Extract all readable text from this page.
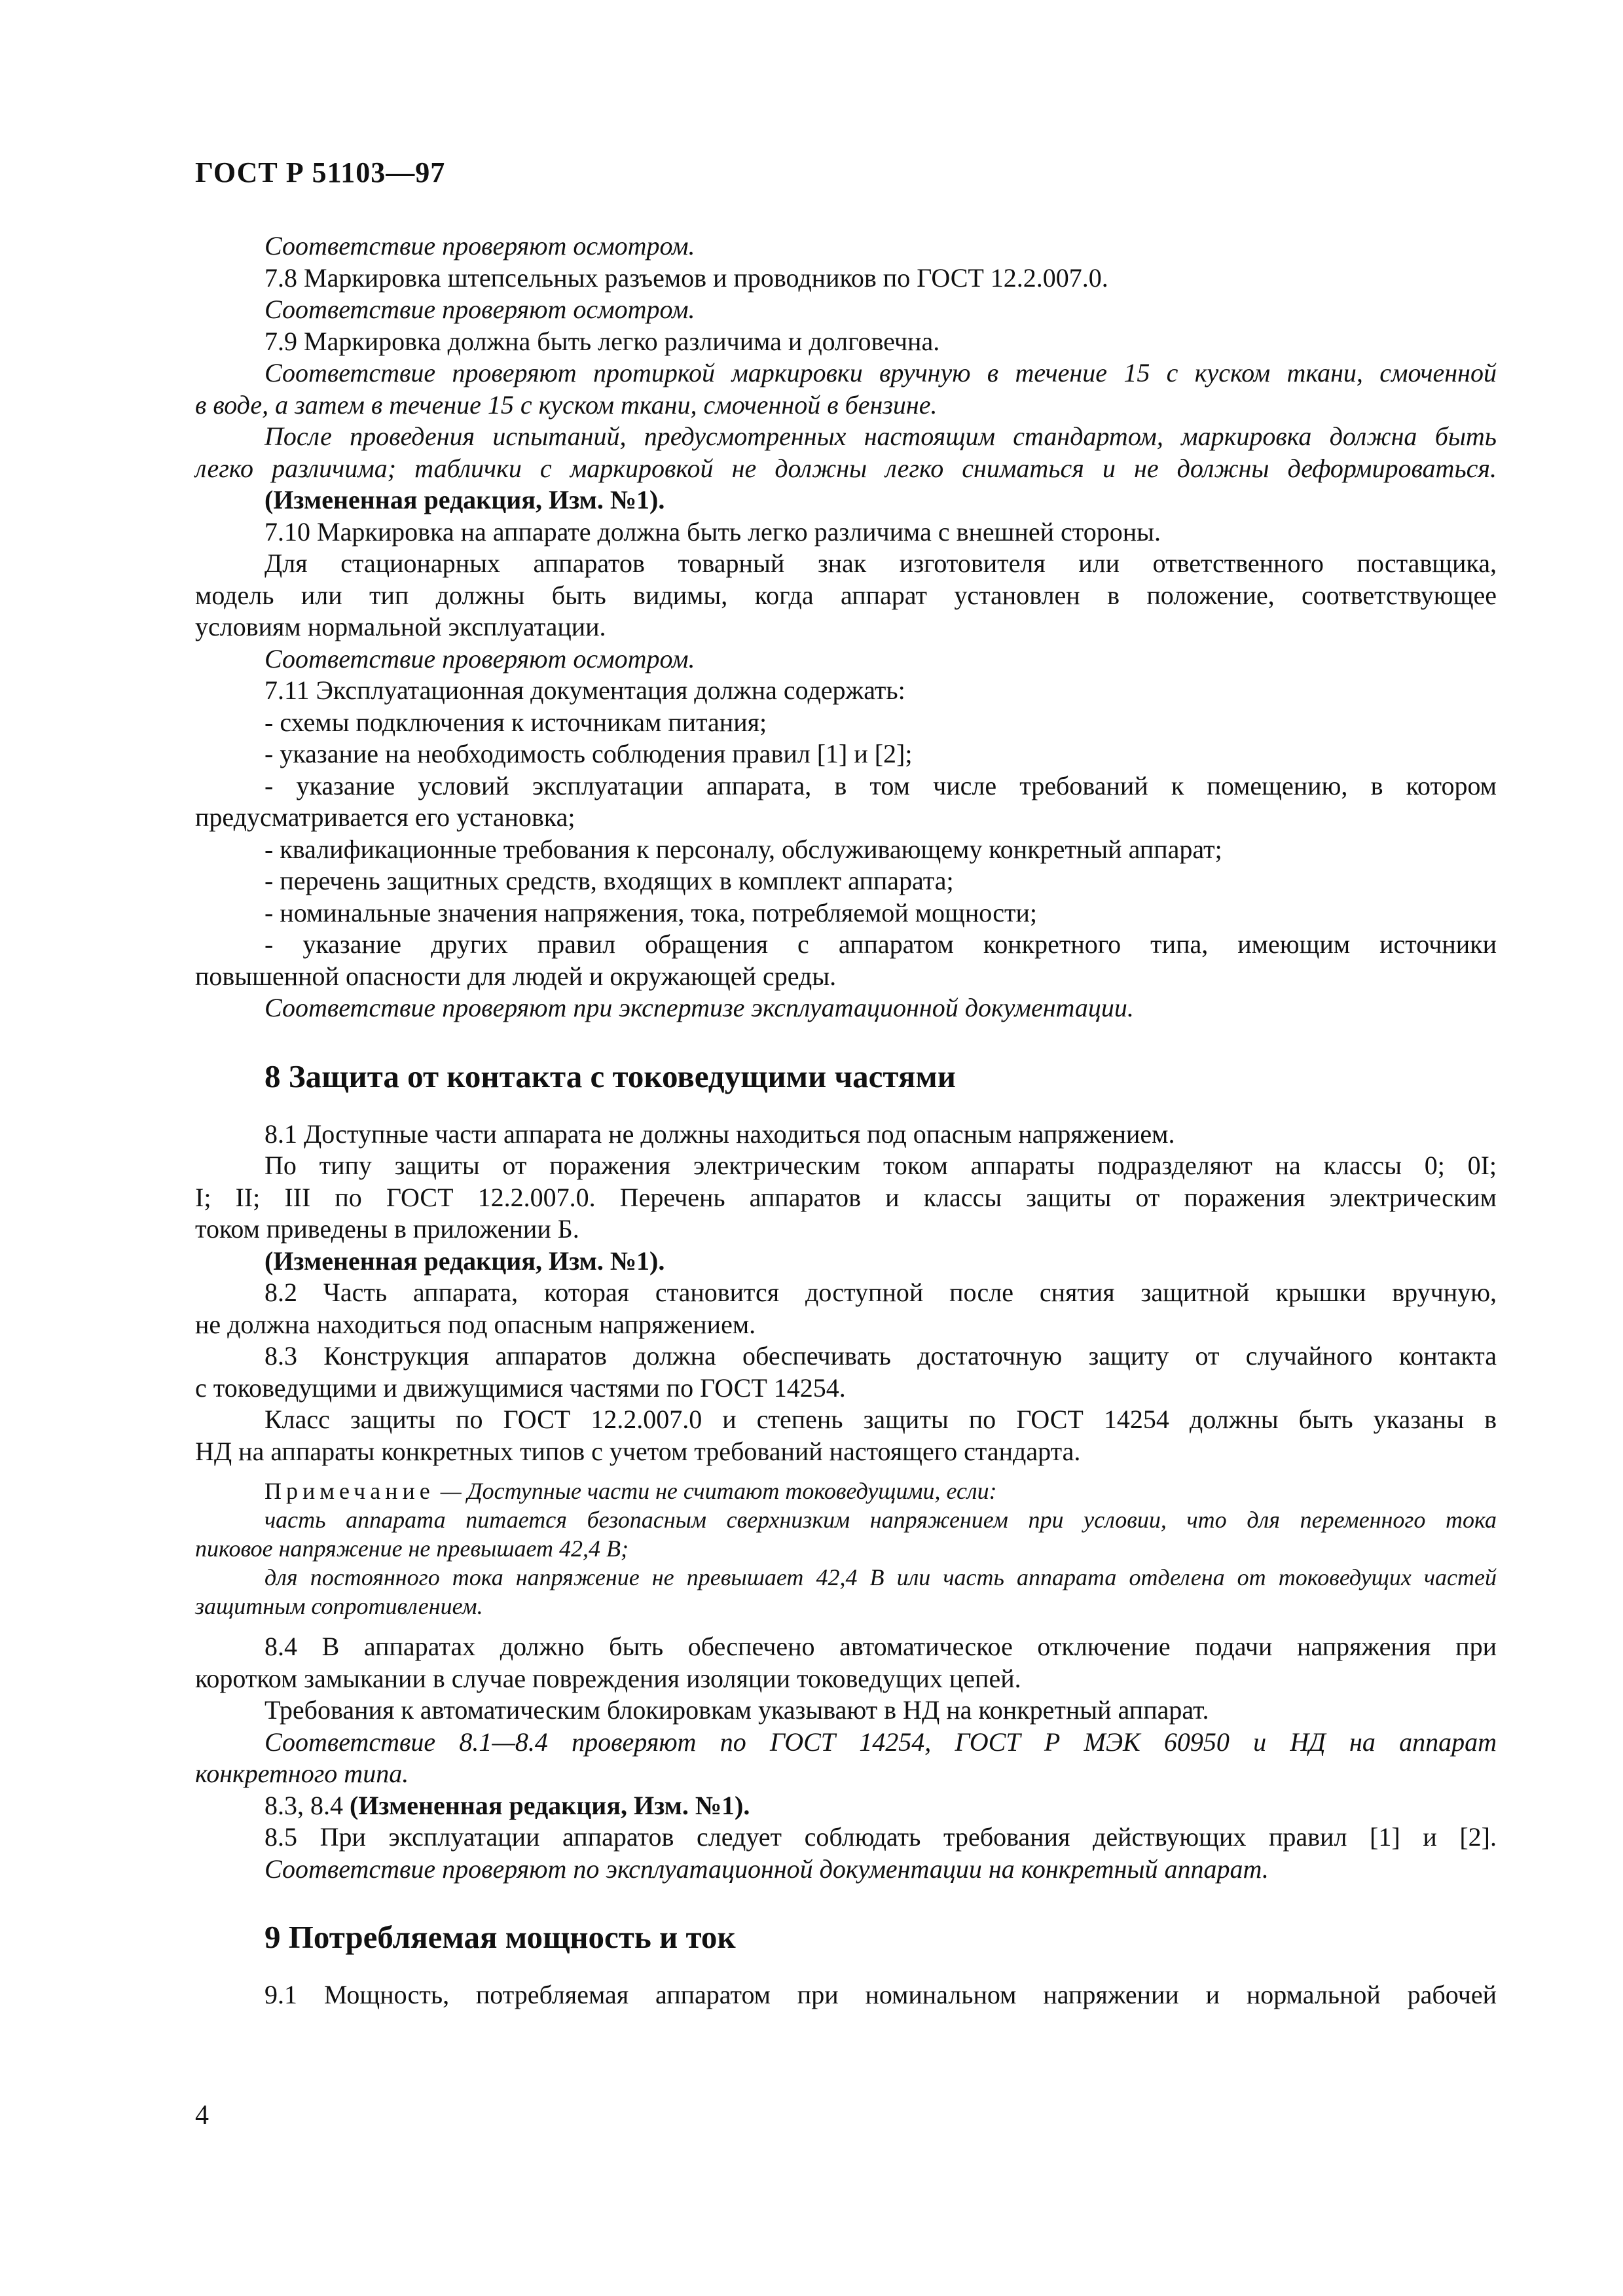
ГОСТ Р 51103—97
Соответствие проверяют осмотром.
7.8 Маркировка штепсельных разъемов и проводников по ГОСТ 12.2.007.0.
Соответствие проверяют осмотром.
7.9 Маркировка должна быть легко различима и долговечна.
Соответствие проверяют протиркой маркировки вручную в течение 15 с куском ткани, смоченной
в воде, а затем в течение 15 с куском ткани, смоченной в бензине.
После проведения испытаний, предусмотренных настоящим стандартом, маркировка должна быть
легко различима; таблички с маркировкой не должны легко сниматься и не должны деформироваться.
(Измененная редакция, Изм. №1).
7.10 Маркировка на аппарате должна быть легко различима с внешней стороны.
Для стационарных аппаратов товарный знак изготовителя или ответственного поставщика,
модель или тип должны быть видимы, когда аппарат установлен в положение, соответствующее
условиям нормальной эксплуатации.
Соответствие проверяют осмотром.
7.11 Эксплуатационная документация должна содержать:
- схемы подключения к источникам питания;
- указание на необходимость соблюдения правил [1] и [2];
- указание условий эксплуатации аппарата, в том числе требований к помещению, в котором
предусматривается его установка;
- квалификационные требования к персоналу, обслуживающему конкретный аппарат;
- перечень защитных средств, входящих в комплект аппарата;
- номинальные значения напряжения, тока, потребляемой мощности;
- указание других правил обращения с аппаратом конкретного типа, имеющим источники
повышенной опасности для людей и окружающей среды.
Соответствие проверяют при экспертизе эксплуатационной документации.
8 Защита от контакта с токоведущими частями
8.1 Доступные части аппарата не должны находиться под опасным напряжением.
По типу защиты от поражения электрическим током аппараты подразделяют на классы 0; 0I;
I; II; III по ГОСТ 12.2.007.0. Перечень аппаратов и классы защиты от поражения электрическим
током приведены в приложении Б.
(Измененная редакция, Изм. №1).
8.2 Часть аппарата, которая становится доступной после снятия защитной крышки вручную,
не должна находиться под опасным напряжением.
8.3 Конструкция аппаратов должна обеспечивать достаточную защиту от случайного контакта
с токоведущими и движущимися частями по ГОСТ 14254.
Класс защиты по ГОСТ 12.2.007.0 и степень защиты по ГОСТ 14254 должны быть указаны в
НД на аппараты конкретных типов с учетом требований настоящего стандарта.
Примечание — Доступные части не считают токоведущими, если:
часть аппарата питается безопасным сверхнизким напряжением при условии, что для переменного тока
пиковое напряжение не превышает 42,4 В;
для постоянного тока напряжение не превышает 42,4 В или часть аппарата отделена от токоведущих частей
защитным сопротивлением.
8.4 В аппаратах должно быть обеспечено автоматическое отключение подачи напряжения при
коротком замыкании в случае повреждения изоляции токоведущих цепей.
Требования к автоматическим блокировкам указывают в НД на конкретный аппарат.
Соответствие 8.1—8.4 проверяют по ГОСТ 14254, ГОСТ Р МЭК 60950 и НД на аппарат
конкретного типа.
8.3, 8.4 (Измененная редакция, Изм. №1).
8.5 При эксплуатации аппаратов следует соблюдать требования действующих правил [1] и [2].
Соответствие проверяют по эксплуатационной документации на конкретный аппарат.
9 Потребляемая мощность и ток
9.1 Мощность, потребляемая аппаратом при номинальном напряжении и нормальной рабочей
4
